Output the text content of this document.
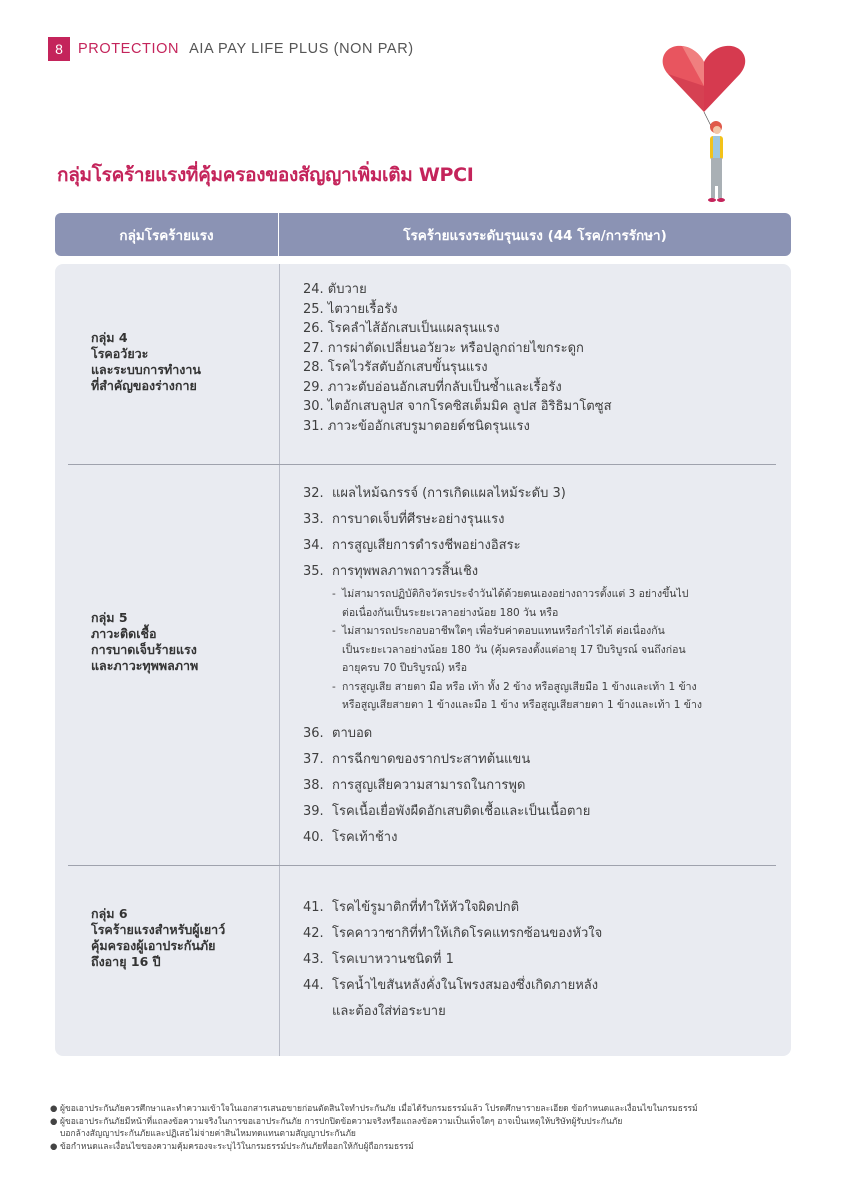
8	PROTECTION AIA PAY LIFE PLUS (NON PAR)
กลุ่มโรคร้ายแรงที่คุ้มครองของสัญญาเพิ่มเติม WPCI
กลุ่มโรคร้ายแรง	โรคร้ายแรงระดับรุนแรง (44 โรค/การรักษา)
กลุ่ม 4
โรคอวัยวะ
และระบบการทำงาน
ที่สำคัญของร่างกาย
24. ตับวาย
25. ไตวายเรื้อรัง
26. โรคลำไส้อักเสบเป็นแผลรุนแรง
27. การผ่าตัดเปลี่ยนอวัยวะ หรือปลูกถ่ายไขกระดูก
28. โรคไวรัสตับอักเสบขั้นรุนแรง
29. ภาวะตับอ่อนอักเสบที่กลับเป็นซ้ำและเรื้อรัง
30. ไตอักเสบลูปส จากโรคซิสเต็มมิค ลูปส อิริธิมาโตซูส
31. ภาวะข้ออักเสบรูมาตอยด์ชนิดรุนแรง
กลุ่ม 5
ภาวะติดเชื้อ
การบาดเจ็บร้ายแรง
และภาวะทุพพลภาพ
32. แผลไหม้ฉกรรจ์ (การเกิดแผลไหม้ระดับ 3)
33. การบาดเจ็บที่ศีรษะอย่างรุนแรง
34. การสูญเสียการดำรงชีพอย่างอิสระ
35. การทุพพลภาพถาวรสิ้นเชิง
- ไม่สามารถปฏิบัติกิจวัตรประจำวันได้ด้วยตนเองอย่างถาวรตั้งแต่ 3 อย่างขึ้นไป
ต่อเนื่องกันเป็นระยะเวลาอย่างน้อย 180 วัน หรือ
- ไม่สามารถประกอบอาชีพใดๆ เพื่อรับค่าตอบแทนหรือกำไรได้ ต่อเนื่องกัน
เป็นระยะเวลาอย่างน้อย 180 วัน (คุ้มครองตั้งแต่อายุ 17 ปีบริบูรณ์ จนถึงก่อน
อายุครบ 70 ปีบริบูรณ์) หรือ
- การสูญเสีย สายตา มือ หรือ เท้า ทั้ง 2 ข้าง หรือสูญเสียมือ 1 ข้างและเท้า 1 ข้าง
หรือสูญเสียสายตา 1 ข้างและมือ 1 ข้าง หรือสูญเสียสายตา 1 ข้างและเท้า 1 ข้าง
36. ตาบอด
37. การฉีกขาดของรากประสาทต้นแขน
38. การสูญเสียความสามารถในการพูด
39. โรคเนื้อเยื่อพังผืดอักเสบติดเชื้อและเป็นเนื้อตาย
40. โรคเท้าช้าง
กลุ่ม 6
โรคร้ายแรงสำหรับผู้เยาว์
คุ้มครองผู้เอาประกันภัย
ถึงอายุ 16 ปี
41. โรคไข้รูมาติกที่ทำให้หัวใจผิดปกติ
42. โรคคาวาซากิที่ทำให้เกิดโรคแทรกซ้อนของหัวใจ
43. โรคเบาหวานชนิดที่ 1
44. โรคน้ำไขสันหลังคั่งในโพรงสมองซึ่งเกิดภายหลัง
และต้องใส่ท่อระบาย
● ผู้ขอเอาประกันภัยควรศึกษาและทำความเข้าใจในเอกสารเสนอขายก่อนตัดสินใจทำประกันภัย เมื่อได้รับกรมธรรม์แล้ว โปรดศึกษารายละเอียด ข้อกำหนดและเงื่อนไขในกรมธรรม์
● ผู้ขอเอาประกันภัยมีหน้าที่แถลงข้อความจริงในการขอเอาประกันภัย การปกปิดข้อความจริงหรือแถลงข้อความเป็นเท็จใดๆ อาจเป็นเหตุให้บริษัทผู้รับประกันภัย
บอกล้างสัญญาประกันภัยและปฏิเสธไม่จ่ายค่าสินไหมทดแทนตามสัญญาประกันภัย
● ข้อกำหนดและเงื่อนไขของความคุ้มครองจะระบุไว้ในกรมธรรม์ประกันภัยที่ออกให้กับผู้ถือกรมธรรม์
